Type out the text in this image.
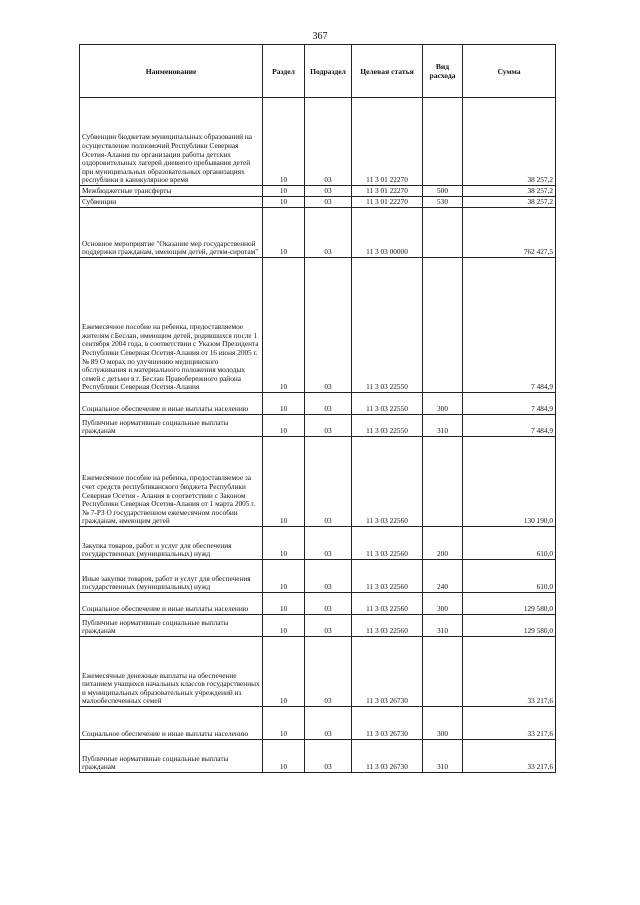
367
Наименование	Раздел	Подраздел	Целевая статья	Вид расхода	Сумма
Субвенции бюджетам муниципальных образований на осуществление полномочий Республики Северная Осетия-Алания по организации работы детских оздоровительных лагерей дневного пребывания детей при муниципальных образовательных организациях республики в каникулярное время	10	03	11 3 01 22270		38 257,2
Межбюджетные трансферты	10	03	11 3 01 22270	500	38 257,2
Субвенции	10	03	11 3 01 22270	530	38 257,2
Основное мероприятие "Оказание мер государственной поддержки гражданам, имеющим детей, детям-сиротам"	10	03	11 3 03 00000		762 427,5
Ежемесячное пособие на ребенка, предоставляемое жителям г.Беслан, имеющим детей, родившихся после 1 сентября 2004 года, в соответствии с Указом Президента Республики Северная Осетия-Алания от 16 июня 2005 г. № 89 О мерах по улучшению медицинского обслуживания и материального положения молодых семей с детьми в г. Беслан Правобережного района Республики Северная Осетия-Алания	10	03	11 3 03 22550		7 484,9
Социальное обеспечение и иные выплаты населению	10	03	11 3 03 22550	300	7 484,9
Публичные нормативные социальные выплаты гражданам	10	03	11 3 03 22550	310	7 484,9
Ежемесячное пособие на ребенка, предоставляемое за счет средств республиканского бюджета Республики Северная Осетия - Алания в соответствии с Законом Республики Северная Осетия-Алания от 1 марта 2005 г. № 7-РЗ О государственном ежемесячном пособии гражданам, имеющим детей	10	03	11 3 03 22560		130 190,0
Закупка товаров, работ и услуг для обеспечения государственных (муниципальных) нужд	10	03	11 3 03 22560	200	610,0
Иные закупки товаров, работ и услуг для обеспечения государственных (муниципальных) нужд	10	03	11 3 03 22560	240	610,0
Социальное обеспечение и иные выплаты населению	10	03	11 3 03 22560	300	129 580,0
Публичные нормативные социальные выплаты гражданам	10	03	11 3 03 22560	310	129 580,0
Ежемесячные денежные выплаты на обеспечение питанием учащихся начальных классов государственных и муниципальных образовательных учреждений из малообеспеченных семей	10	03	11 3 03 26730		33 217,6
Социальное обеспечение и иные выплаты населению	10	03	11 3 03 26730	300	33 217,6
Публичные нормативные социальные выплаты гражданам	10	03	11 3 03 26730	310	33 217,6
